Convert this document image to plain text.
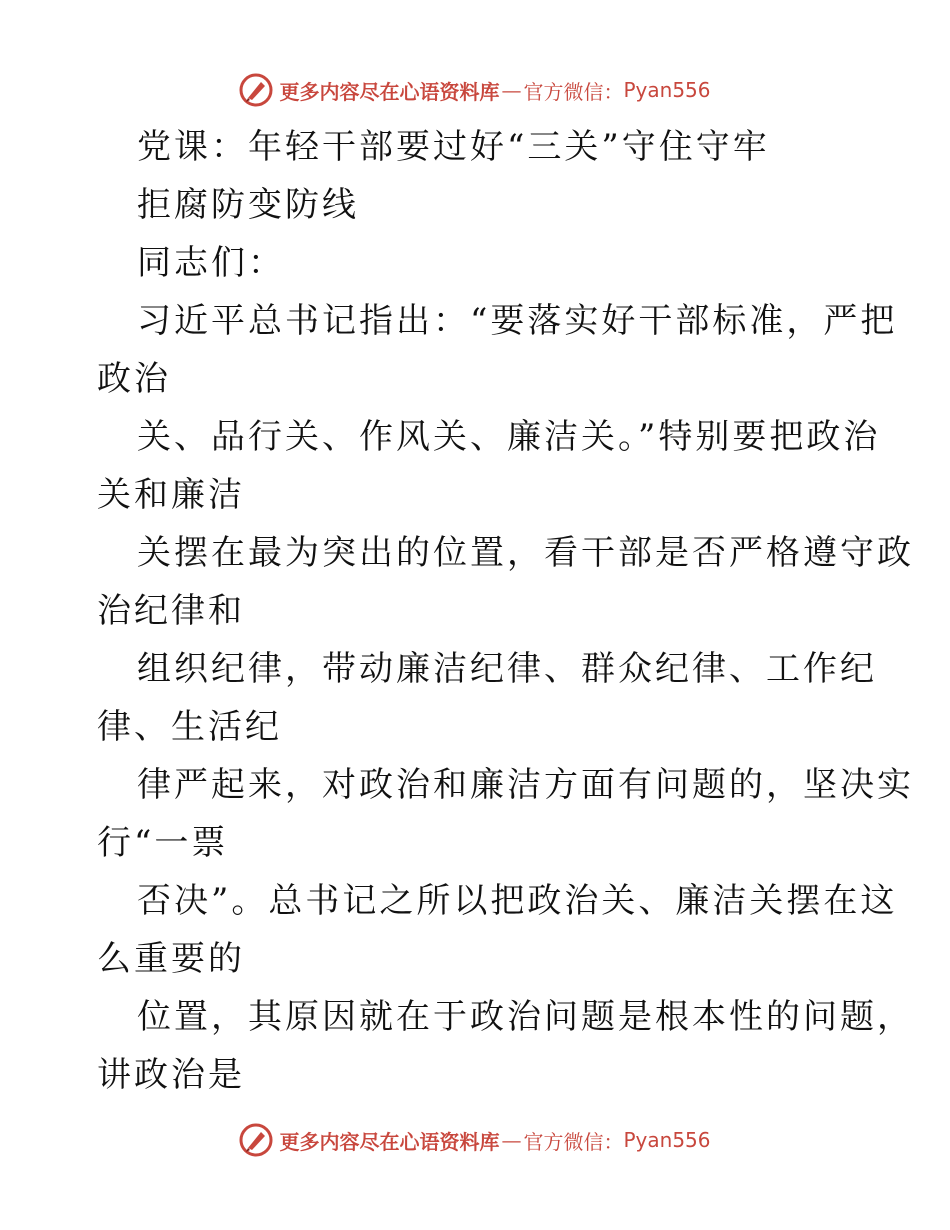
更多内容尽在心语资料库 — 官方微信： Pyan556
党课：年轻干部要过好“三关”守住守牢
拒腐防变防线
同志们：
习近平总书记指出：“要落实好干部标准，严把
政治
关、品行关、作风关、廉洁关。”特别要把政治
关和廉洁
关摆在最为突出的位置，看干部是否严格遵守政
治纪律和
组织纪律，带动廉洁纪律、群众纪律、工作纪
律、生活纪
律严起来，对政治和廉洁方面有问题的，坚决实
行“一票
否决”。总书记之所以把政治关、廉洁关摆在这
么重要的
位置，其原因就在于政治问题是根本性的问题，
讲政治是
更多内容尽在心语资料库 — 官方微信： Pyan556
